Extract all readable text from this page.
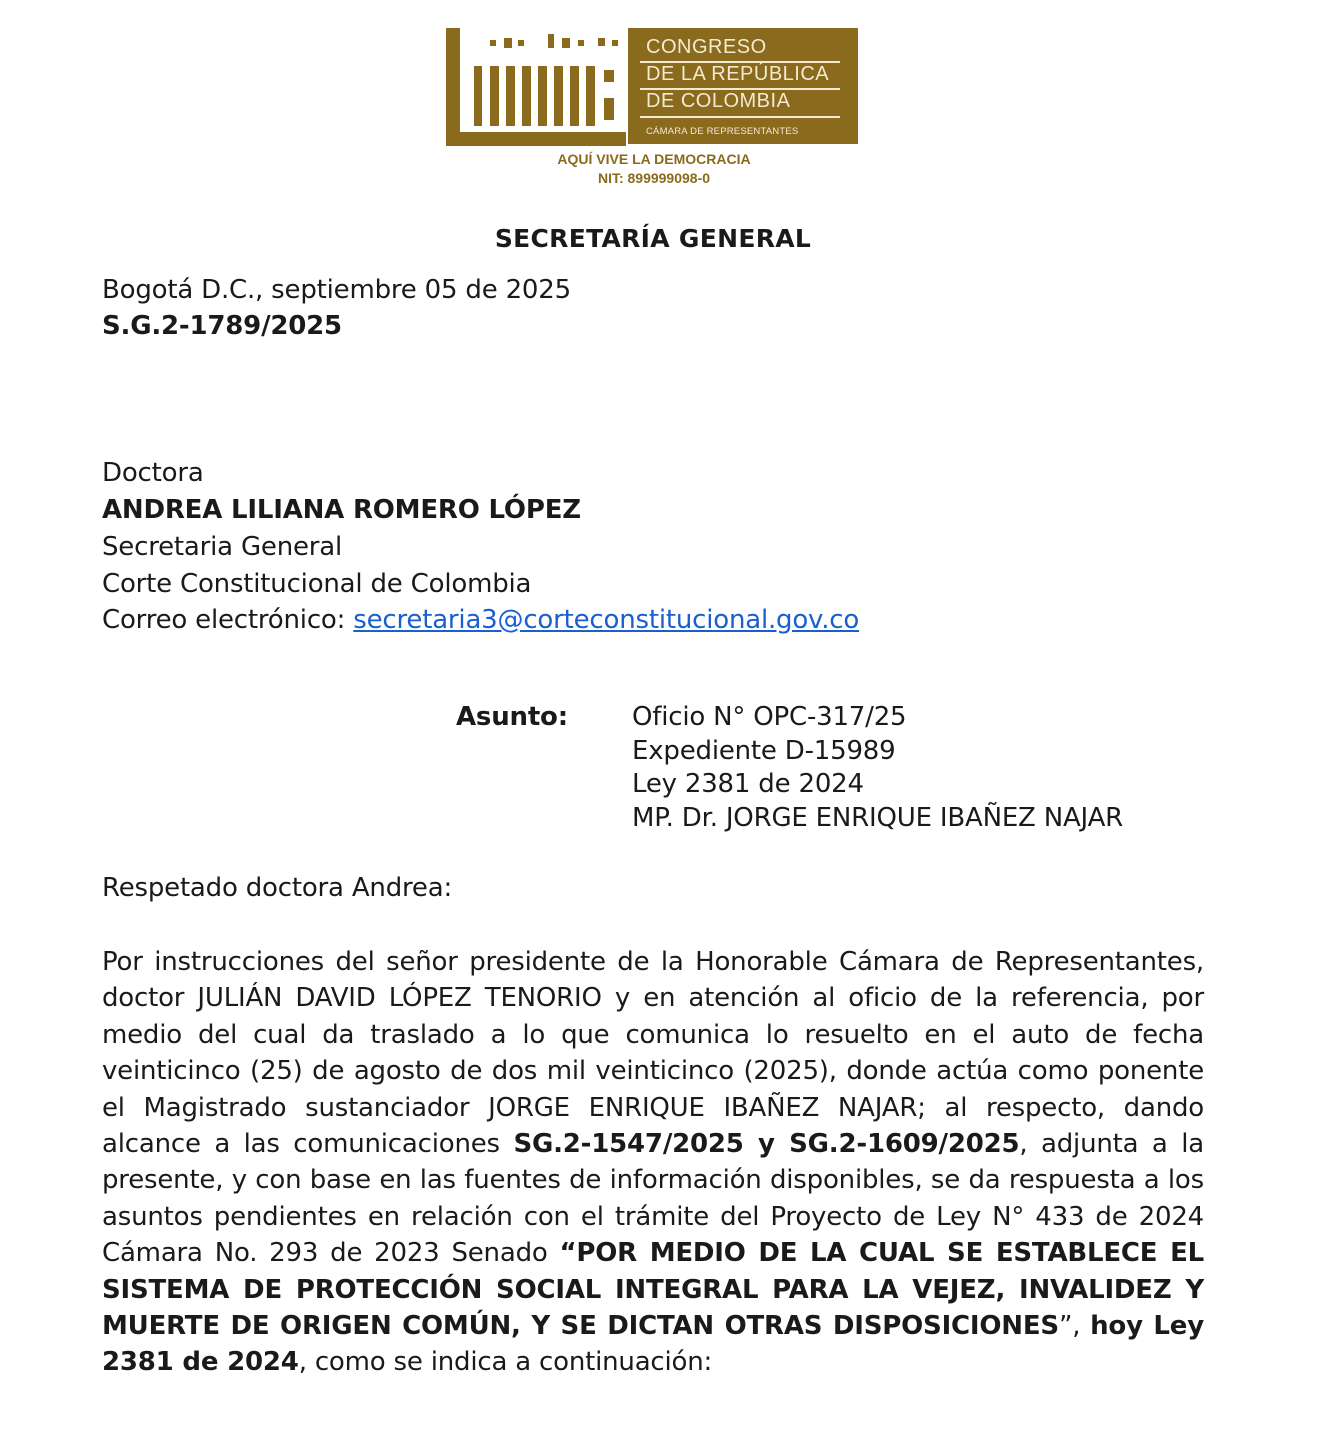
CONGRESO
DE LA REPÚBLICA
DE COLOMBIA
CÁMARA DE REPRESENTANTES
AQUÍ VIVE LA DEMOCRACIA
NIT: 899999098-0
SECRETARÍA GENERAL
Bogotá D.C., septiembre 05 de 2025
S.G.2-1789/2025
Doctora
ANDREA LILIANA ROMERO LÓPEZ
Secretaria General
Corte Constitucional de Colombia
Correo electrónico: secretaria3@corteconstitucional.gov.co
Asunto: Oficio N° OPC-317/25
Expediente D-15989
Ley 2381 de 2024
MP. Dr. JORGE ENRIQUE IBAÑEZ NAJAR
Respetado doctora Andrea:
Por instrucciones del señor presidente de la Honorable Cámara de Representantes, doctor JULIÁN DAVID LÓPEZ TENORIO y en atención al oficio de la referencia, por medio del cual da traslado a lo que comunica lo resuelto en el auto de fecha veinticinco (25) de agosto de dos mil veinticinco (2025), donde actúa como ponente el Magistrado sustanciador JORGE ENRIQUE IBAÑEZ NAJAR; al respecto, dando alcance a las comunicaciones SG.2-1547/2025 y SG.2-1609/2025, adjunta a la presente, y con base en las fuentes de información disponibles, se da respuesta a los asuntos pendientes en relación con el trámite del Proyecto de Ley N° 433 de 2024 Cámara No. 293 de 2023 Senado “POR MEDIO DE LA CUAL SE ESTABLECE EL SISTEMA DE PROTECCIÓN SOCIAL INTEGRAL PARA LA VEJEZ, INVALIDEZ Y MUERTE DE ORIGEN COMÚN, Y SE DICTAN OTRAS DISPOSICIONES”, hoy Ley 2381 de 2024, como se indica a continuación:
